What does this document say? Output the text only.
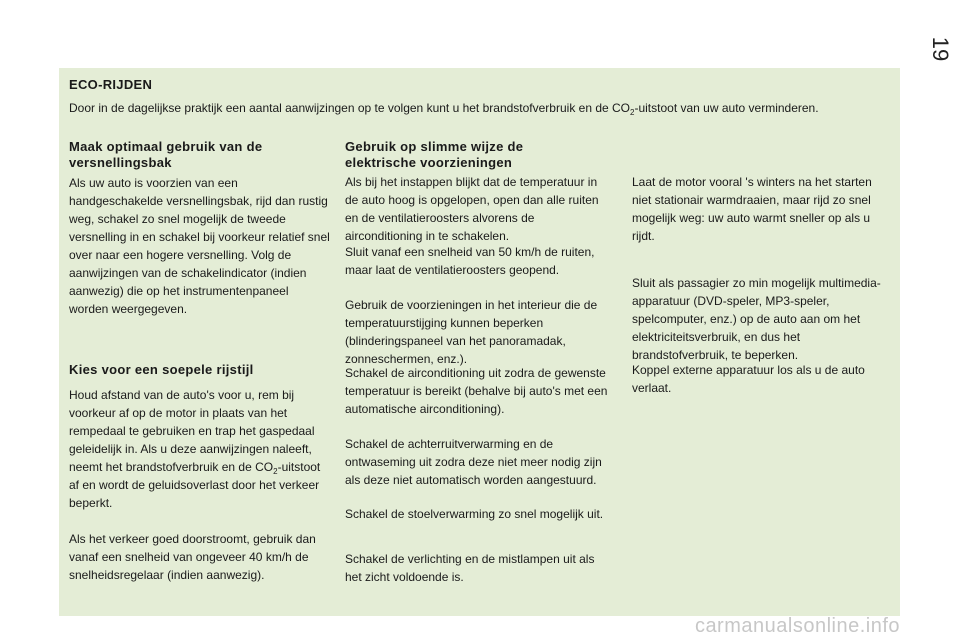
19
ECO-RIJDEN
Door in de dagelijkse praktijk een aantal aanwijzingen op te volgen kunt u het brandstofverbruik en de $CO_2$-uitstoot van uw auto verminderen.
Maak optimaal gebruik van de versnellingsbak
Als uw auto is voorzien van een handgeschakelde versnellingsbak, rijd dan rustig weg, schakel zo snel mogelijk de tweede versnelling in en schakel bij voorkeur relatief snel over naar een hogere versnelling. Volg de aanwijzingen van de schakelindicator (indien aanwezig) die op het instrumentenpaneel worden weergegeven.
Kies voor een soepele rijstijl
Houd afstand van de auto's voor u, rem bij voorkeur af op de motor in plaats van het rempedaal te gebruiken en trap het gaspedaal geleidelijk in. Als u deze aanwijzingen naleeft, neemt het brandstofverbruik en de $CO_2$-uitstoot af en wordt de geluidsoverlast door het verkeer beperkt.
Als het verkeer goed doorstroomt, gebruik dan vanaf een snelheid van ongeveer 40 km/h de snelheidsregelaar (indien aanwezig).
Gebruik op slimme wijze de elektrische voorzieningen
Als bij het instappen blijkt dat de temperatuur in de auto hoog is opgelopen, open dan alle ruiten en de ventilatieroosters alvorens de airconditioning in te schakelen.
Sluit vanaf een snelheid van 50 km/h de ruiten, maar laat de ventilatieroosters geopend.
Gebruik de voorzieningen in het interieur die de temperatuurstijging kunnen beperken (blinderingspaneel van het panoramadak, zonneschermen, enz.).
Schakel de airconditioning uit zodra de gewenste temperatuur is bereikt (behalve bij auto's met een automatische airconditioning).
Schakel de achterruitverwarming en de ontwaseming uit zodra deze niet meer nodig zijn als deze niet automatisch worden aangestuurd.
Schakel de stoelverwarming zo snel mogelijk uit.
Schakel de verlichting en de mistlampen uit als het zicht voldoende is.
Laat de motor vooral 's winters na het starten niet stationair warmdraaien, maar rijd zo snel mogelijk weg: uw auto warmt sneller op als u rijdt.
Sluit als passagier zo min mogelijk multimedia-apparatuur (DVD-speler, MP3-speler, spelcomputer, enz.) op de auto aan om het elektriciteitsverbruik, en dus het brandstofverbruik, te beperken.
Koppel externe apparatuur los als u de auto verlaat.
carmanualsonline.info
